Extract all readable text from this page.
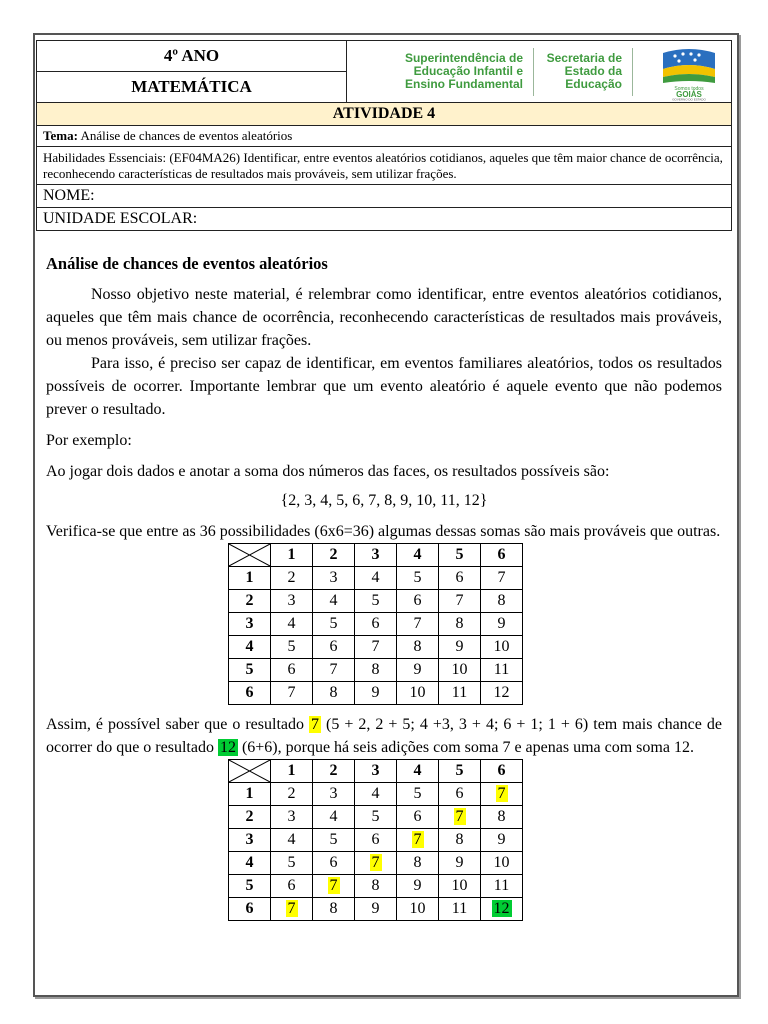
4º ANO	Superintendência de
Educação Infantil e
Ensino Fundamental
Secretaria de
Estado da
Educação	Somos todos
GOIÁS
GOVERNO DO ESTADO

MATEMÁTICA
ATIVIDADE 4
Tema: Análise de chances de eventos aleatórios
Habilidades Essenciais: (EF04MA26) Identificar, entre eventos aleatórios cotidianos, aqueles que têm maior chance de ocorrência, reconhecendo características de resultados mais prováveis, sem utilizar frações.
NOME:
UNIDADE ESCOLAR:

Análise de chances de eventos aleatórios

Nosso objetivo neste material, é relembrar como identificar, entre eventos aleatórios cotidianos, aqueles que têm mais chance de ocorrência, reconhecendo características de resultados mais prováveis, ou menos prováveis, sem utilizar frações.

Para isso, é preciso ser capaz de identificar, em eventos familiares aleatórios, todos os resultados possíveis de ocorrer. Importante lembrar que um evento aleatório é aquele evento que não podemos prever o resultado.

Por exemplo:

Ao jogar dois dados e anotar a soma dos números das faces, os resultados possíveis são:

{2, 3, 4, 5, 6, 7, 8, 9, 10, 11, 12}

Verifica-se que entre as 36 possibilidades (6x6=36) algumas dessas somas são mais prováveis que outras.

	1	2	3	4	5	6
1	2	3	4	5	6	7
2	3	4	5	6	7	8
3	4	5	6	7	8	9
4	5	6	7	8	9	10
5	6	7	8	9	10	11
6	7	8	9	10	11	12

Assim, é possível saber que o resultado 7 (5 + 2, 2 + 5; 4 +3, 3 + 4; 6 + 1; 1 + 6) tem mais chance de ocorrer do que o resultado 12 (6+6), porque há seis adições com soma 7 e apenas uma com soma 12.

	1	2	3	4	5	6
1	2	3	4	5	6	7
2	3	4	5	6	7	8
3	4	5	6	7	8	9
4	5	6	7	8	9	10
5	6	7	8	9	10	11
6	7	8	9	10	11	12
